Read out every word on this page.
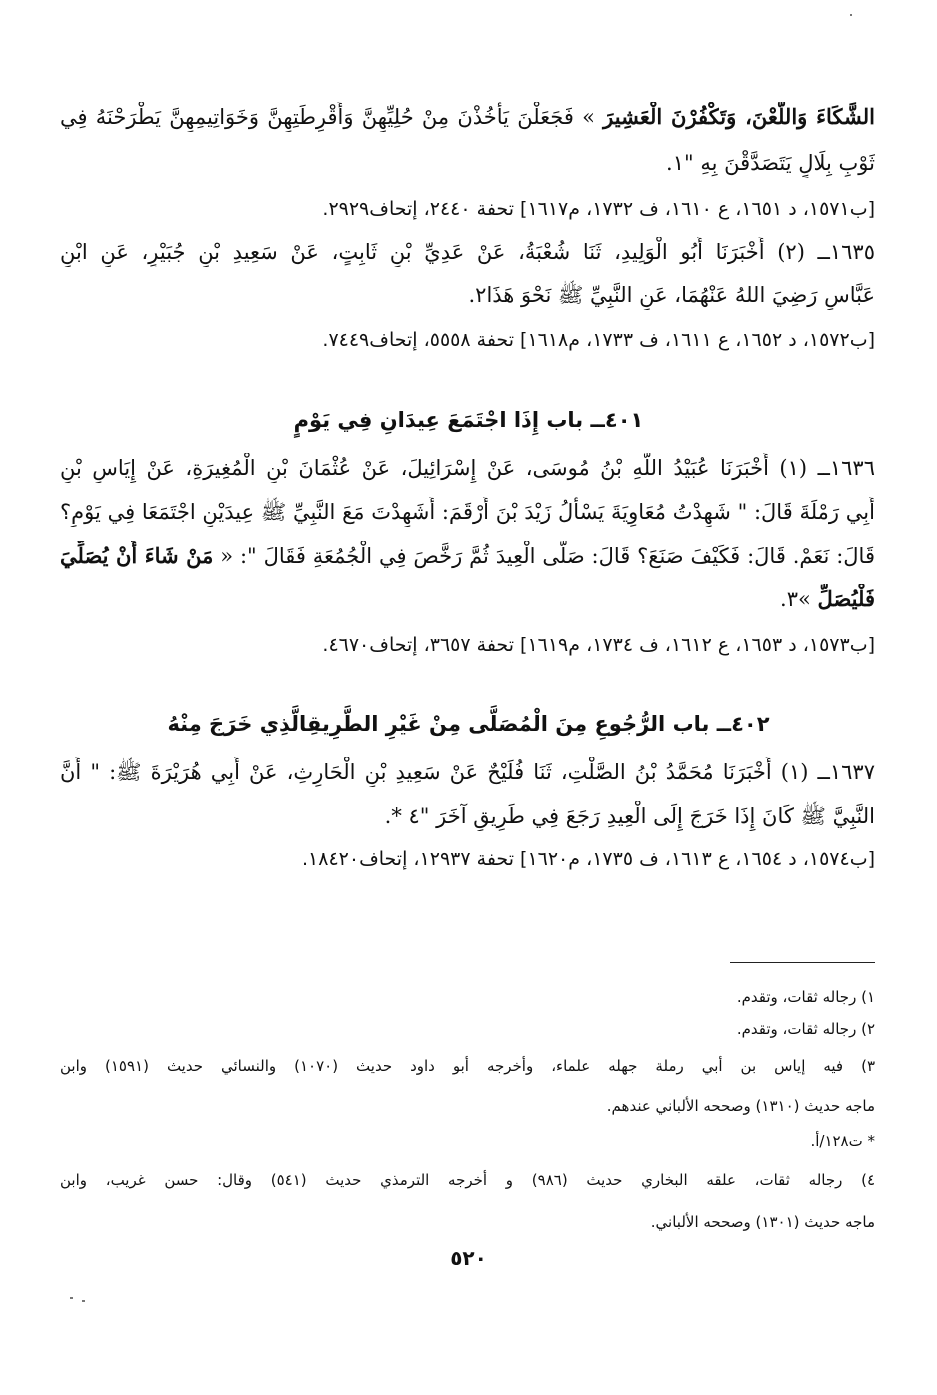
الشَّكَاءَ وَاللَّعْنَ، وَتَكْفُرْنَ الْعَشِيرَ » فَجَعَلْنَ يَأْخُذْنَ مِنْ حُلِيِّهِنَّ وَأَقْرِطَتِهِنَّ وَخَوَاتِيمِهِنَّ يَطْرَحْنَهُ فِي
ثَوْبِ بِلَالٍ يَتَصَدَّقْنَ بِهِ "١.
[ب١٥٧١، د ١٦٥١، ع ١٦١٠، ف ١٧٣٢، م١٦١٧] تحفة ٢٤٤٠، إتحاف٢٩٢٩.
١٦٣٥ــ (٢) أَخْبَرَنَا أَبُو الْوَلِيدِ، ثَنَا شُعْبَةُ، عَنْ عَدِيِّ بْنِ ثَابِتٍ، عَنْ سَعِيدِ بْنِ جُبَيْرٍ، عَنِ ابْنِ
عَبَّاسٍ رَضِيَ اللهُ عَنْهُمَا، عَنِ النَّبِيِّ ﷺ نَحْوَ هَذَا٢.
[ب١٥٧٢، د ١٦٥٢، ع ١٦١١، ف ١٧٣٣، م١٦١٨] تحفة ٥٥٥٨، إتحاف٧٤٤٩.
٤٠١ــ باب إِذَا اجْتَمَعَ عِيدَانِ فِي يَوْمٍ
١٦٣٦ــ (١) أَخْبَرَنَا عُبَيْدُ اللَّهِ بْنُ مُوسَى، عَنْ إِسْرَائِيلَ، عَنْ عُثْمَانَ بْنِ الْمُغِيرَةِ، عَنْ إِيَاسِ بْنِ
أَبِي رَمْلَةَ قَالَ: " شَهِدْتُ مُعَاوِيَةَ يَسْأَلُ زَيْدَ بْنَ أَرْقَمَ: أَشَهِدْتَ مَعَ النَّبِيِّ ﷺ عِيدَيْنِ اجْتَمَعَا فِي يَوْمٍ؟
قَالَ: نَعَمْ. قَالَ: فَكَيْفَ صَنَعَ؟ قَالَ: صَلَّى الْعِيدَ ثُمَّ رَخَّصَ فِي الْجُمُعَةِ فَقَالَ ": « مَنْ شَاءَ أَنْ يُصَلِّيَ
فَلْيُصَلِّ »٣.
[ب١٥٧٣، د ١٦٥٣، ع ١٦١٢، ف ١٧٣٤، م١٦١٩] تحفة ٣٦٥٧، إتحاف٤٦٧٠.
٤٠٢ــ باب الرُّجُوعِ مِنَ الْمُصَلَّى مِنْ غَيْرِ الطَّرِيقِالَّذِي خَرَجَ مِنْهُ
١٦٣٧ــ (١) أَخْبَرَنَا مُحَمَّدُ بْنُ الصَّلْتِ، ثَنَا فُلَيْحٌ عَنْ سَعِيدِ بْنِ الْحَارِثِ، عَنْ أَبِي هُرَيْرَةَ ﷺ: " أَنَّ
النَّبِيَّ ﷺ كَانَ إِذَا خَرَجَ إِلَى الْعِيدِ رَجَعَ فِي طَرِيقٍ آخَرَ "٤ *.
[ب١٥٧٤، د ١٦٥٤، ع ١٦١٣، ف ١٧٣٥، م١٦٢٠] تحفة ١٢٩٣٧، إتحاف١٨٤٢٠.
١) رجاله ثقات، وتقدم.
٢) رجاله ثقات، وتقدم.
٣) فيه إياس بن أبي رملة جهله علماء، وأخرجه أبو داود حديث (١٠٧٠) والنسائي حديث (١٥٩١) وابن
ماجه حديث (١٣١٠) وصححه الألباني عندهم.
* ت١٢٨/أ.
٤) رجاله ثقات، علقه البخاري حديث (٩٨٦) و أخرجه الترمذي حديث (٥٤١) وقال: حسن غريب، وابن
ماجه حديث (١٣٠١) وصححه الألباني.
٥٢٠
